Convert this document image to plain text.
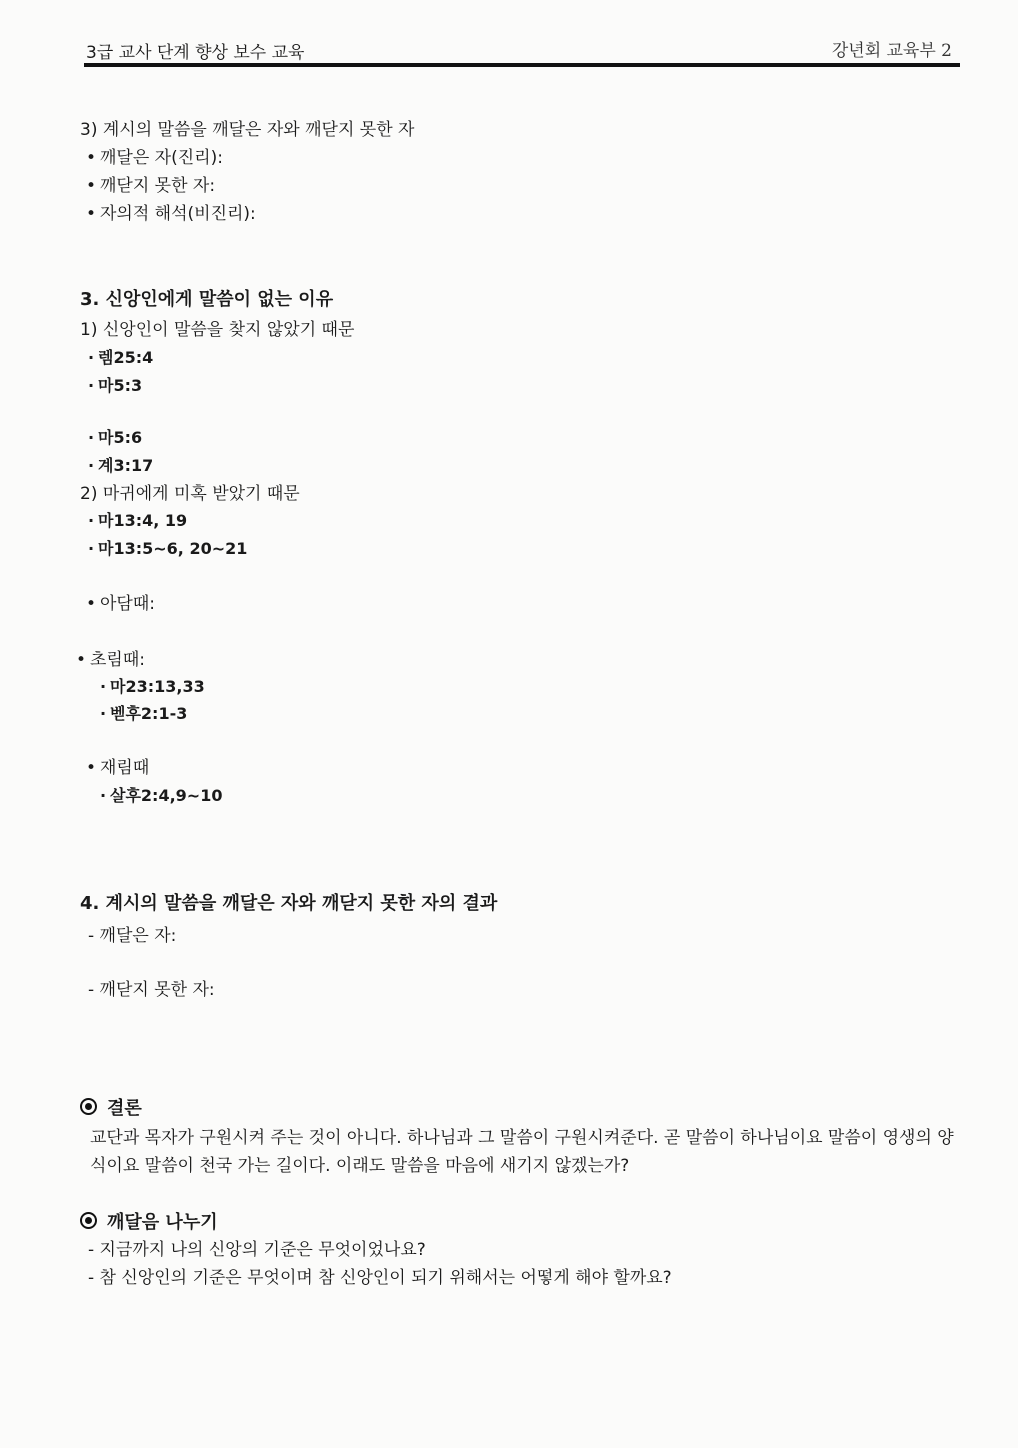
3급 교사 단계 향상 보수 교육	강년회 교육부 2
3) 계시의 말씀을 깨달은 자와 깨닫지 못한 자
• 깨달은 자(진리):
• 깨닫지 못한 자:
• 자의적 해석(비진리):
3. 신앙인에게 말씀이 없는 이유
1) 신앙인이 말씀을 찾지 않았기 때문
· 렘25:4
· 마5:3
· 마5:6
· 계3:17
2) 마귀에게 미혹 받았기 때문
· 마13:4, 19
· 마13:5~6, 20~21
• 아담때:
• 초림때:
· 마23:13,33
· 벧후2:1-3
• 재림때
· 살후2:4,9~10
4. 계시의 말씀을 깨달은 자와 깨닫지 못한 자의 결과
- 깨달은 자:
- 깨닫지 못한 자:
결론
교단과 목자가 구원시켜 주는 것이 아니다. 하나님과 그 말씀이 구원시켜준다. 곧 말씀이 하나님이요 말씀이 영생의 양식이요 말씀이 천국 가는 길이다. 이래도 말씀을 마음에 새기지 않겠는가?
깨달음 나누기
- 지금까지 나의 신앙의 기준은 무엇이었나요?
- 참 신앙인의 기준은 무엇이며 참 신앙인이 되기 위해서는 어떻게 해야 할까요?
